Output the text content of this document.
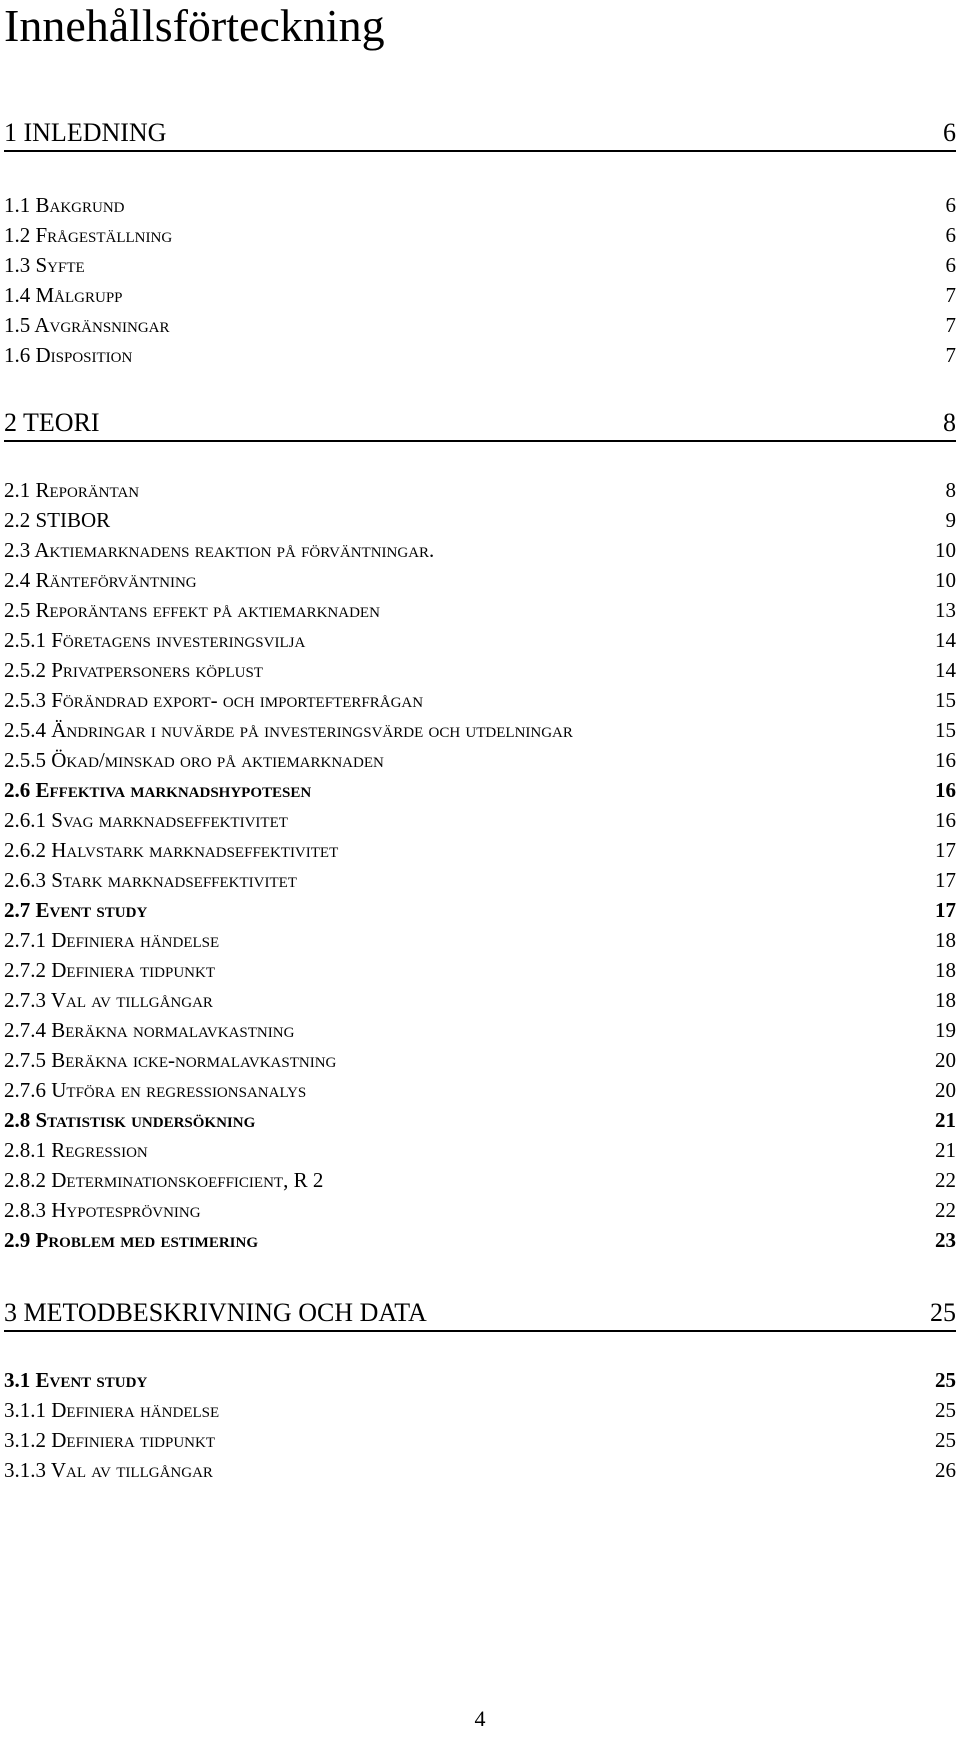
Innehållsförteckning
1 INLEDNING	6
1.1 Bakgrund	6
1.2 Frågeställning	6
1.3 Syfte	6
1.4 Målgrupp	7
1.5 Avgränsningar	7
1.6 Disposition	7
2 TEORI	8
2.1 Reporäntan	8
2.2 STIBOR	9
2.3 Aktiemarknadens reaktion på förväntningar.	10
2.4 Ränteförväntning	10
2.5 Reporäntans effekt på aktiemarknaden	13
2.5.1 Företagens investeringsvilja	14
2.5.2 Privatpersoners köplust	14
2.5.3 Förändrad export- och importefterfrågan	15
2.5.4 Ändringar i nuvärde på investeringsvärde och utdelningar	15
2.5.5 Ökad/minskad oro på aktiemarknaden	16
2.6 Effektiva marknadshypotesen	16
2.6.1 Svag marknadseffektivitet	16
2.6.2 Halvstark marknadseffektivitet	17
2.6.3 Stark marknadseffektivitet	17
2.7 Event study	17
2.7.1 Definiera händelse	18
2.7.2 Definiera tidpunkt	18
2.7.3 Val av tillgångar	18
2.7.4 Beräkna normalavkastning	19
2.7.5 Beräkna icke-normalavkastning	20
2.7.6 Utföra en regressionsanalys	20
2.8 Statistisk undersökning	21
2.8.1 Regression	21
2.8.2 Determinationskoefficient, R 2	22
2.8.3 Hypotesprövning	22
2.9 Problem med estimering	23
3 METODBESKRIVNING OCH DATA	25
3.1 Event study	25
3.1.1 Definiera händelse	25
3.1.2 Definiera tidpunkt	25
3.1.3 Val av tillgångar	26
4
